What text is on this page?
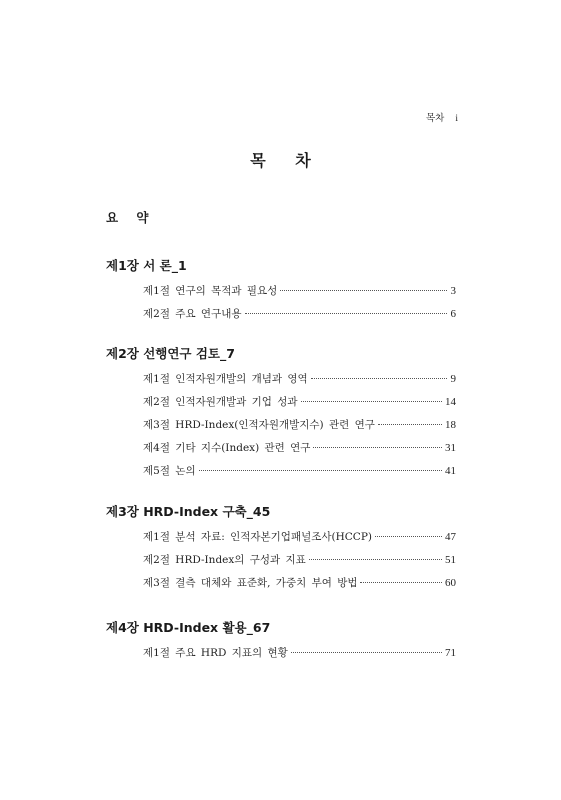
목차 i
목 차
요 약
제1장 서 론_1
제1절 연구의 목적과 필요성	3
제2절 주요 연구내용	6
제2장 선행연구 검토_7
제1절 인적자원개발의 개념과 영역	9
제2절 인적자원개발과 기업 성과	14
제3절 HRD-Index(인적자원개발지수) 관련 연구	18
제4절 기타 지수(Index) 관련 연구	31
제5절 논의	41
제3장 HRD-Index 구축_45
제1절 분석 자료: 인적자본기업패널조사(HCCP)	47
제2절 HRD-Index의 구성과 지표	51
제3절 결측 대체와 표준화, 가중치 부여 방법	60
제4장 HRD-Index 활용_67
제1절 주요 HRD 지표의 현황	71
